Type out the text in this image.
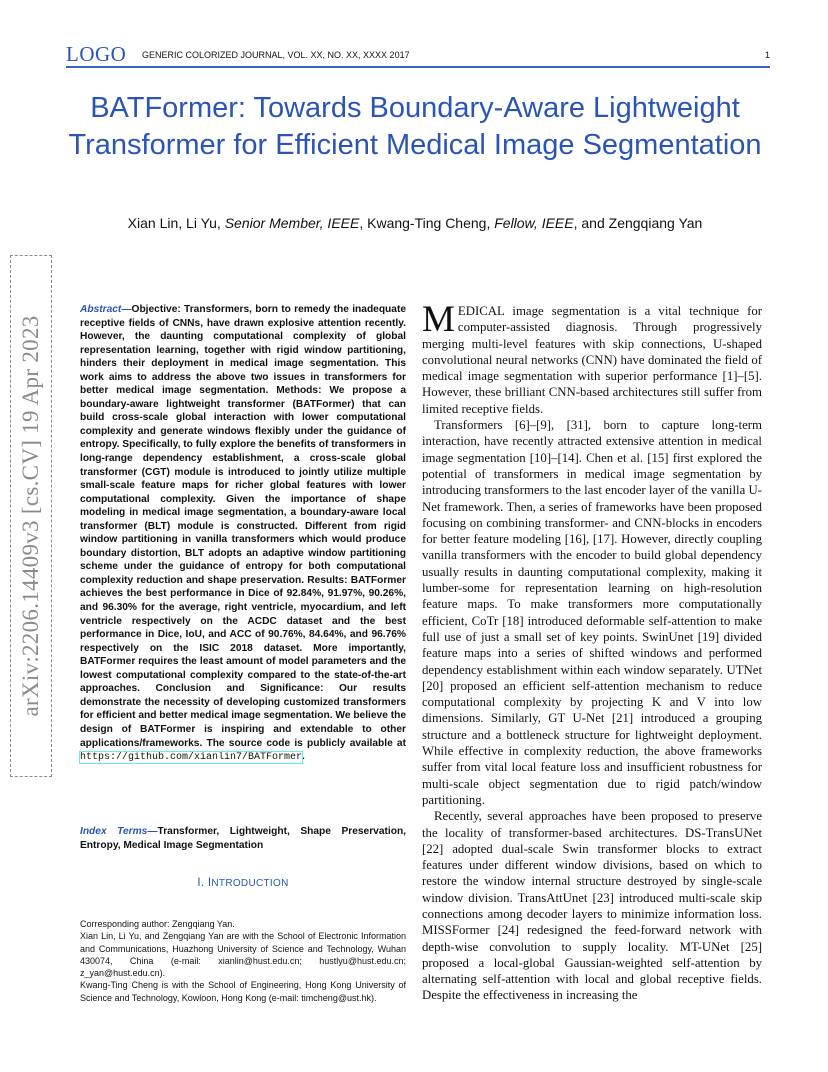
LOGO GENERIC COLORIZED JOURNAL, VOL. XX, NO. XX, XXXX 2017	1
BATFormer: Towards Boundary-Aware Lightweight Transformer for Efficient Medical Image Segmentation
Xian Lin, Li Yu, Senior Member, IEEE, Kwang-Ting Cheng, Fellow, IEEE, and Zengqiang Yan
arXiv:2206.14409v3 [cs.CV] 19 Apr 2023
Abstract—Objective: Transformers, born to remedy the inadequate receptive fields of CNNs, have drawn explosive attention recently. However, the daunting computational complexity of global representation learning, together with rigid window partitioning, hinders their deployment in medical image segmentation. This work aims to address the above two issues in transformers for better medical image segmentation. Methods: We propose a boundary-aware lightweight transformer (BATFormer) that can build cross-scale global interaction with lower computational complexity and generate windows flexibly under the guidance of entropy. Specifically, to fully explore the benefits of transformers in long-range dependency establishment, a cross-scale global transformer (CGT) module is introduced to jointly utilize multiple small-scale feature maps for richer global features with lower computational complexity. Given the importance of shape modeling in medical image segmentation, a boundary-aware local transformer (BLT) module is constructed. Different from rigid window partitioning in vanilla transformers which would produce boundary distortion, BLT adopts an adaptive window partitioning scheme under the guidance of entropy for both computational complexity reduction and shape preservation. Results: BATFormer achieves the best performance in Dice of 92.84%, 91.97%, 90.26%, and 96.30% for the average, right ventricle, myocardium, and left ventricle respectively on the ACDC dataset and the best performance in Dice, IoU, and ACC of 90.76%, 84.64%, and 96.76% respectively on the ISIC 2018 dataset. More importantly, BATFormer requires the least amount of model parameters and the lowest computational complexity compared to the state-of-the-art approaches. Conclusion and Significance: Our results demonstrate the necessity of developing customized transformers for efficient and better medical image segmentation. We believe the design of BATFormer is inspiring and extendable to other applications/frameworks. The source code is publicly available at https://github.com/xianlin7/BATFormer.
Index Terms—Transformer, Lightweight, Shape Preservation, Entropy, Medical Image Segmentation
I. INTRODUCTION

Corresponding author: Zengqiang Yan.

Xian Lin, Li Yu, and Zengqiang Yan are with the School of Electronic Information and Communications, Huazhong University of Science and Technology, Wuhan 430074, China (e-mail: xianlin@hust.edu.cn; hustlyu@hust.edu.cn; z_yan@hust.edu.cn).

Kwang-Ting Cheng is with the School of Engineering, Hong Kong University of Science and Technology, Kowloon, Hong Kong (e-mail: timcheng@ust.hk).

MEDICAL image segmentation is a vital technique for computer-assisted diagnosis. Through progressively merging multi-level features with skip connections, U-shaped convolutional neural networks (CNN) have dominated the field of medical image segmentation with superior performance [1]–[5]. However, these brilliant CNN-based architectures still suffer from limited receptive fields.

Transformers [6]–[9], [31], born to capture long-term interaction, have recently attracted extensive attention in medical image segmentation [10]–[14]. Chen et al. [15] first explored the potential of transformers in medical image segmentation by introducing transformers to the last encoder layer of the vanilla U-Net framework. Then, a series of frameworks have been proposed focusing on combining transformer- and CNN-blocks in encoders for better feature modeling [16], [17]. However, directly coupling vanilla transformers with the encoder to build global dependency usually results in daunting computational complexity, making it lumber-some for representation learning on high-resolution feature maps. To make transformers more computationally efficient, CoTr [18] introduced deformable self-attention to make full use of just a small set of key points. SwinUnet [19] divided feature maps into a series of shifted windows and performed dependency establishment within each window separately. UTNet [20] proposed an efficient self-attention mechanism to reduce computational complexity by projecting K and V into low dimensions. Similarly, GT U-Net [21] introduced a grouping structure and a bottleneck structure for lightweight deployment. While effective in complexity reduction, the above frameworks suffer from vital local feature loss and insufficient robustness for multi-scale object segmentation due to rigid patch/window partitioning.

Recently, several approaches have been proposed to preserve the locality of transformer-based architectures. DS-TransUNet [22] adopted dual-scale Swin transformer blocks to extract features under different window divisions, based on which to restore the window internal structure destroyed by single-scale window division. TransAttUnet [23] introduced multi-scale skip connections among decoder layers to minimize information loss. MISSFormer [24] redesigned the feed-forward network with depth-wise convolution to supply locality. MT-UNet [25] proposed a local-global Gaussian-weighted self-attention by alternating self-attention with local and global receptive fields. Despite the effectiveness in increasing the
